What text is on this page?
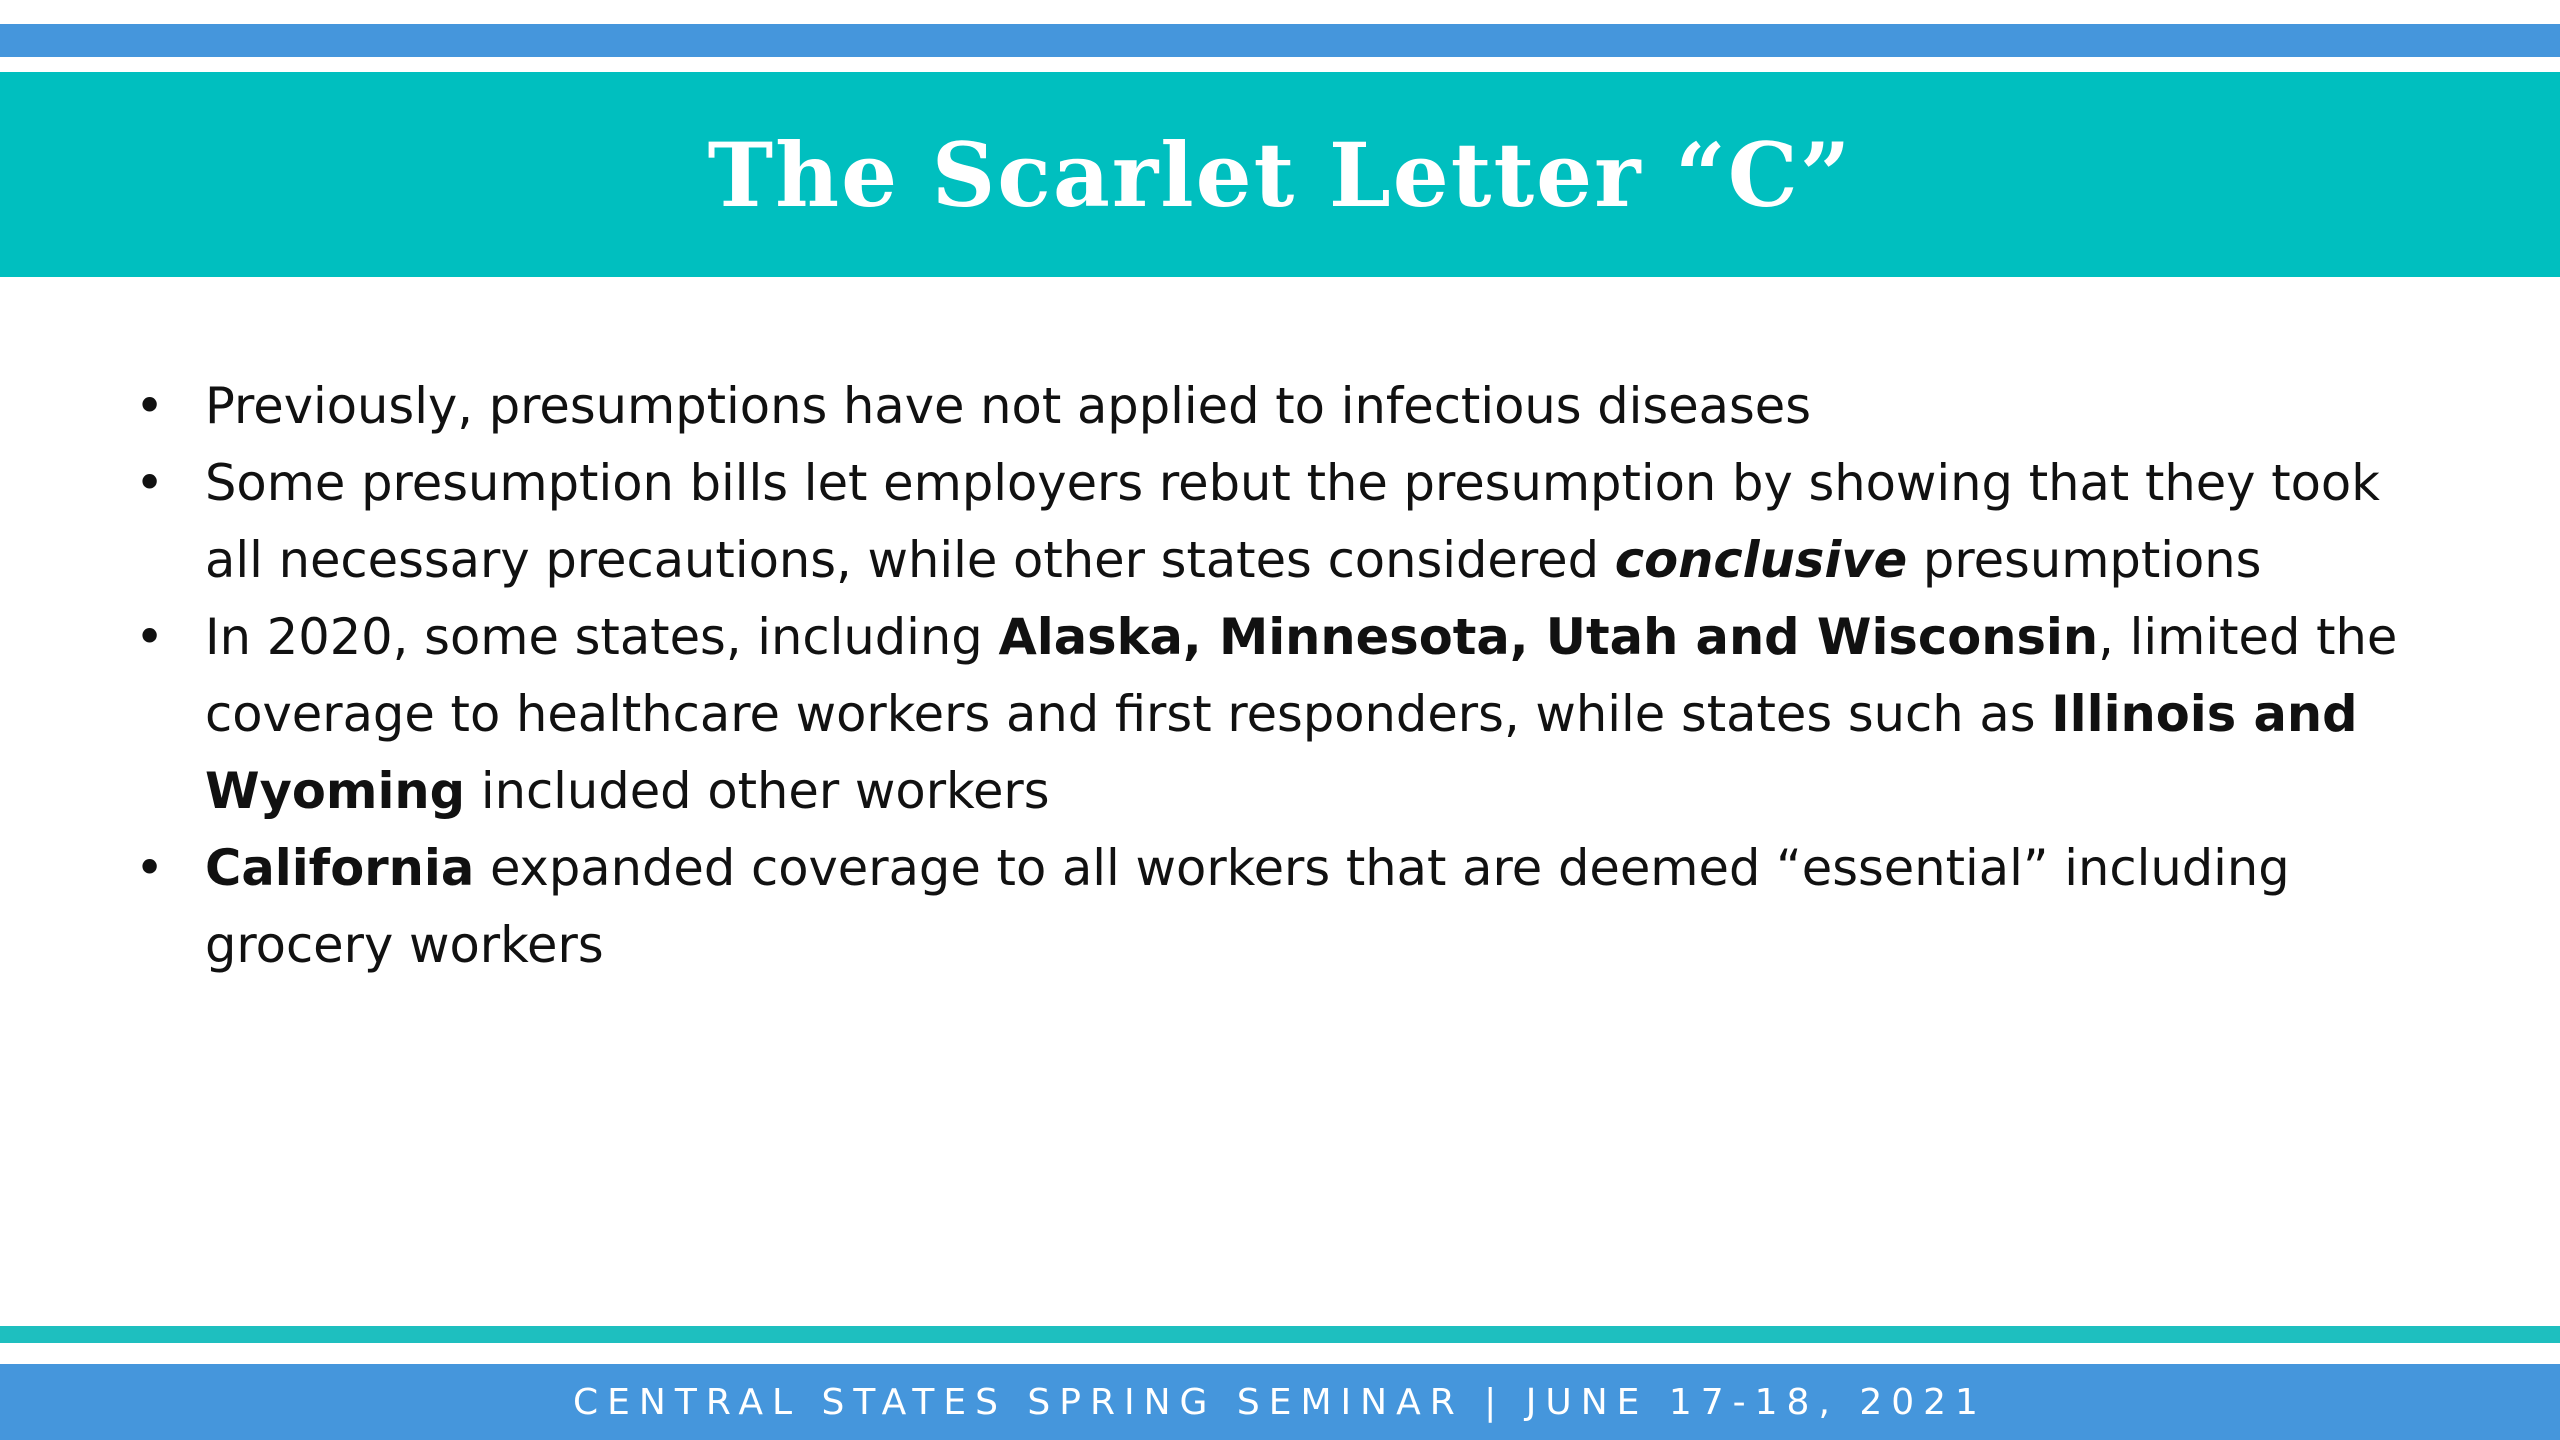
The Scarlet Letter “C”
• Previously, presumptions have not applied to infectious diseases
• Some presumption bills let employers rebut the presumption by showing that they took all necessary precautions, while other states considered conclusive presumptions
• In 2020, some states, including Alaska, Minnesota, Utah and Wisconsin, limited the coverage to healthcare workers and first responders, while states such as Illinois and Wyoming included other workers
• California expanded coverage to all workers that are deemed “essential” including grocery workers
CENTRAL STATES SPRING SEMINAR | JUNE 17-18, 2021
